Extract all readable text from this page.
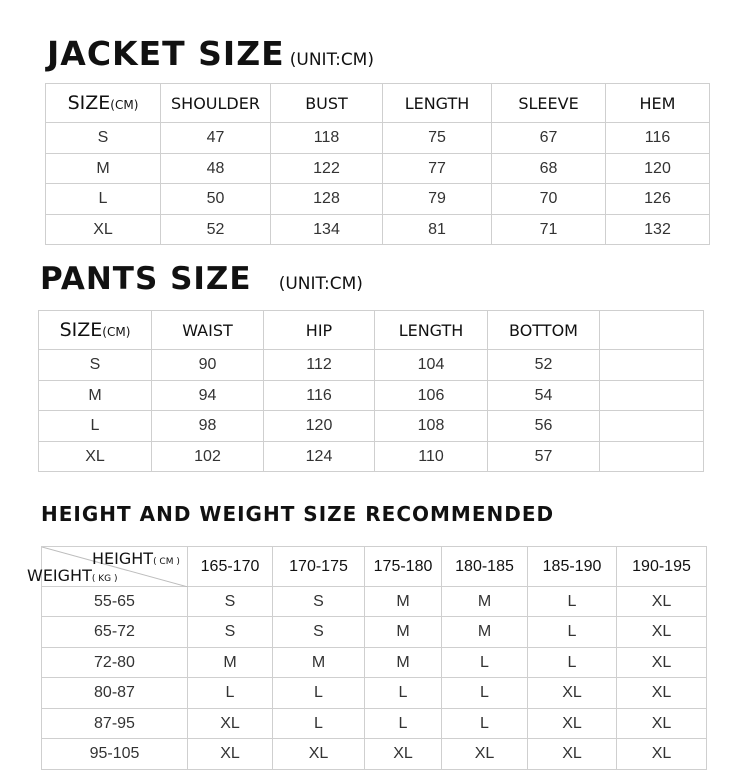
JACKET SIZE (UNIT:CM)
SIZE(CM)	SHOULDER	BUST	LENGTH	SLEEVE	HEM
S	47	118	75	67	116
M	48	122	77	68	120
L	50	128	79	70	126
XL	52	134	81	71	132
PANTS SIZE (UNIT:CM)
SIZE(CM)	WAIST	HIP	LENGTH	BOTTOM	
S	90	112	104	52	
M	94	116	106	54	
L	98	120	108	56	
XL	102	124	110	57	
HEIGHT AND WEIGHT SIZE RECOMMENDED
HEIGHT( CM )
WEIGHT( KG )	165-170	170-175	175-180	180-185	185-190	190-195
55-65	S	S	M	M	L	XL
65-72	S	S	M	M	L	XL
72-80	M	M	M	L	L	XL
80-87	L	L	L	L	XL	XL
87-95	XL	L	L	L	XL	XL
95-105	XL	XL	XL	XL	XL	XL
